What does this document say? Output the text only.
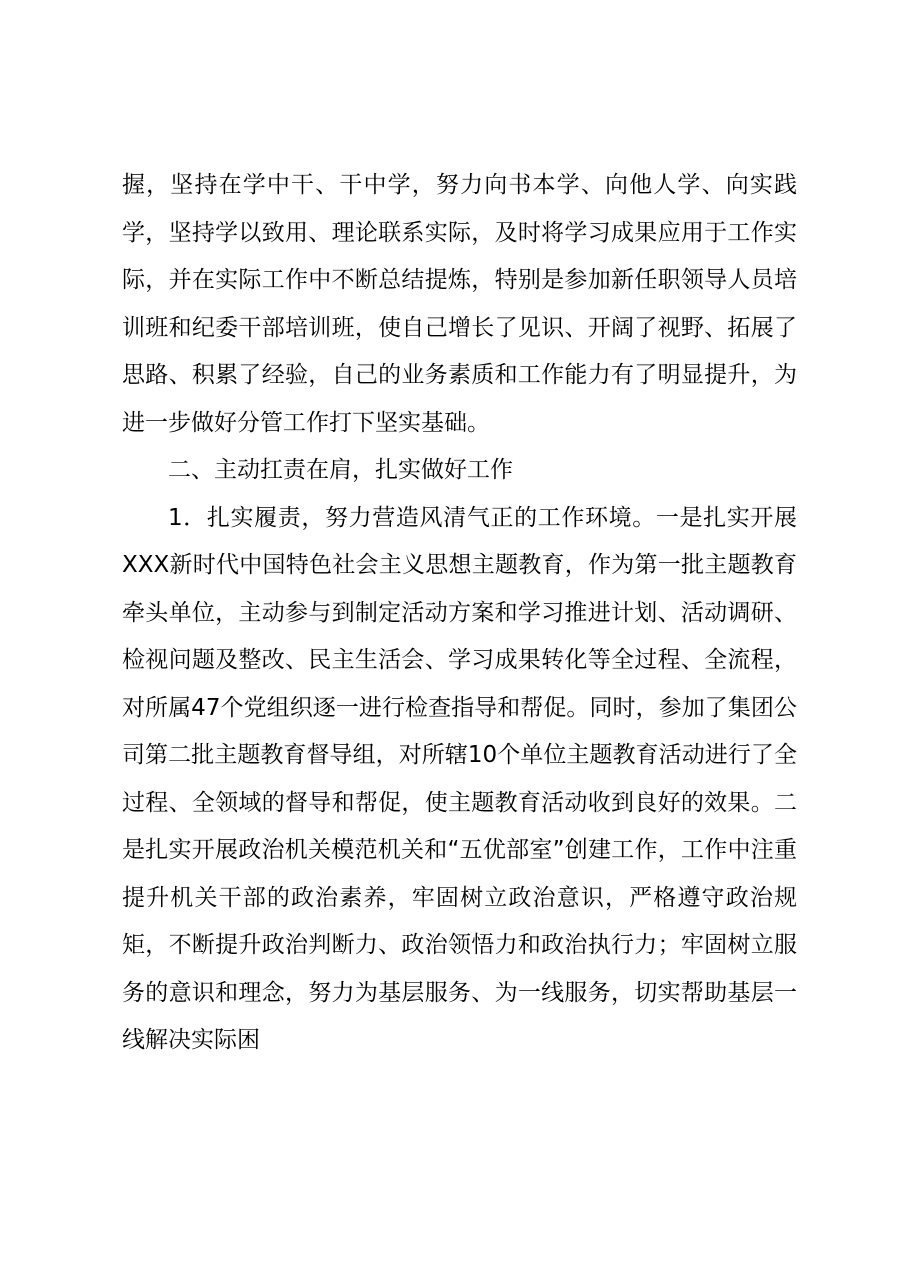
握，坚持在学中干、干中学，努力向书本学、向他人学、向实践学，坚持学以致用、理论联系实际，及时将学习成果应用于工作实际，并在实际工作中不断总结提炼，特别是参加新任职领导人员培训班和纪委干部培训班，使自己增长了见识、开阔了视野、拓展了思路、积累了经验，自己的业务素质和工作能力有了明显提升，为进一步做好分管工作打下坚实基础。

二、主动扛责在肩，扎实做好工作

1．扎实履责，努力营造风清气正的工作环境。一是扎实开展XXX新时代中国特色社会主义思想主题教育，作为第一批主题教育牵头单位，主动参与到制定活动方案和学习推进计划、活动调研、检视问题及整改、民主生活会、学习成果转化等全过程、全流程，对所属47个党组织逐一进行检查指导和帮促。同时，参加了集团公司第二批主题教育督导组，对所辖10个单位主题教育活动进行了全过程、全领域的督导和帮促，使主题教育活动收到良好的效果。二是扎实开展政治机关模范机关和“五优部室”创建工作，工作中注重提升机关干部的政治素养，牢固树立政治意识，严格遵守政治规矩，不断提升政治判断力、政治领悟力和政治执行力；牢固树立服务的意识和理念，努力为基层服务、为一线服务，切实帮助基层一线解决实际困
